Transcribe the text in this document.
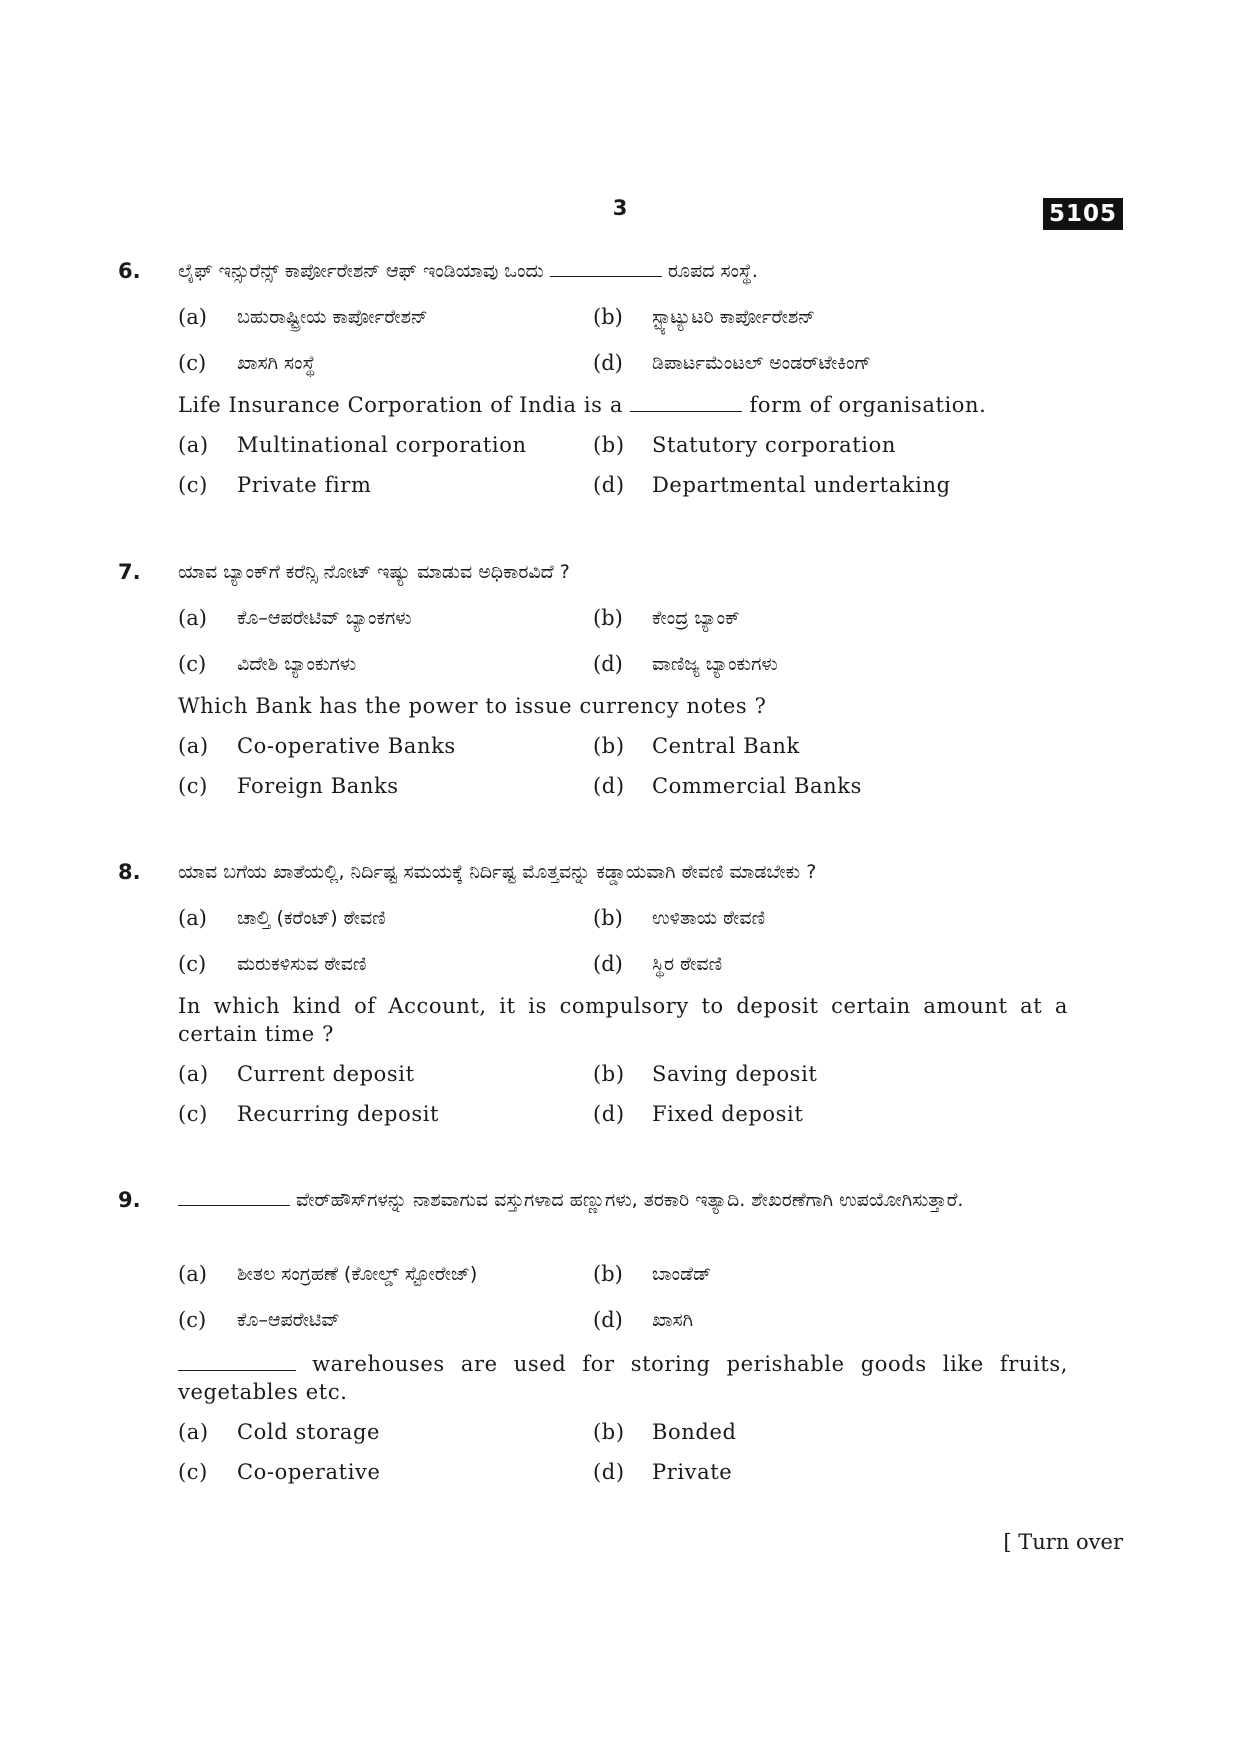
3	5105
6. ಲೈಫ್ ಇನ್ಸುರೆನ್ಸ್ ಕಾರ್ಪೋರೇಶನ್ ಆಫ್ ಇಂಡಿಯಾವು ಒಂದು	ರೂಪದ ಸಂಸ್ಥೆ.
(a) ಬಹುರಾಷ್ಟ್ರೀಯ ಕಾರ್ಪೋರೇಶನ್	(b) ಸ್ಟ್ಯಾಟ್ಯುಟರಿ ಕಾರ್ಪೋರೇಶನ್
(c) ಖಾಸಗಿ ಸಂಸ್ಥೆ	(d) ಡಿಪಾರ್ಟಮೆಂಟಲ್ ಅಂಡರ್‌ಟೇಕಿಂಗ್
Life Insurance Corporation of India is a	form of organisation.
(a) Multinational corporation	(b) Statutory corporation
(c) Private firm	(d) Departmental undertaking
7. ಯಾವ ಬ್ಯಾಂಕ್‌ಗೆ ಕರೆನ್ಸಿ ನೋಟ್ ಇಷ್ಯು ಮಾಡುವ ಅಧಿಕಾರವಿದೆ ?
(a) ಕೊ–ಆಪರೇಟಿವ್ ಬ್ಯಾಂಕಗಳು	(b) ಕೇಂದ್ರ ಬ್ಯಾಂಕ್
(c) ವಿದೇಶಿ ಬ್ಯಾಂಕುಗಳು	(d) ವಾಣಿಜ್ಯ ಬ್ಯಾಂಕುಗಳು
Which Bank has the power to issue currency notes ?
(a) Co-operative Banks	(b) Central Bank
(c) Foreign Banks	(d) Commercial Banks
8. ಯಾವ ಬಗೆಯ ಖಾತೆಯಲ್ಲಿ, ನಿರ್ದಿಷ್ಟ ಸಮಯಕ್ಕೆ ನಿರ್ದಿಷ್ಟ ಮೊತ್ತವನ್ನು ಕಡ್ಡಾಯವಾಗಿ ಠೇವಣಿ ಮಾಡಬೇಕು ?
(a) ಚಾಲ್ತಿ (ಕರೆಂಟ್) ಠೇವಣಿ	(b) ಉಳಿತಾಯ ಠೇವಣಿ
(c) ಮರುಕಳಿಸುವ ಠೇವಣಿ	(d) ಸ್ಥಿರ ಠೇವಣಿ
In which kind of Account, it is compulsory to deposit certain amount at a certain time ?
(a) Current deposit	(b) Saving deposit
(c) Recurring deposit	(d) Fixed deposit
9.	ವೇರ್‌ಹೌಸ್‌ಗಳನ್ನು ನಾಶವಾಗುವ ವಸ್ತುಗಳಾದ ಹಣ್ಣುಗಳು, ತರಕಾರಿ ಇತ್ಯಾದಿ. ಶೇಖರಣೆಗಾಗಿ ಉಪಯೋಗಿಸುತ್ತಾರೆ.
(a) ಶೀತಲ ಸಂಗ್ರಹಣೆ (ಕೋಲ್ಡ್ ಸ್ಟೋರೇಜ್)	(b) ಬಾಂಡೆಡ್
(c) ಕೊ–ಆಪರೇಟಿವ್	(d) ಖಾಸಗಿ
warehouses are used for storing perishable goods like fruits, vegetables etc.
(a) Cold storage	(b) Bonded
(c) Co-operative	(d) Private
[ Turn over
